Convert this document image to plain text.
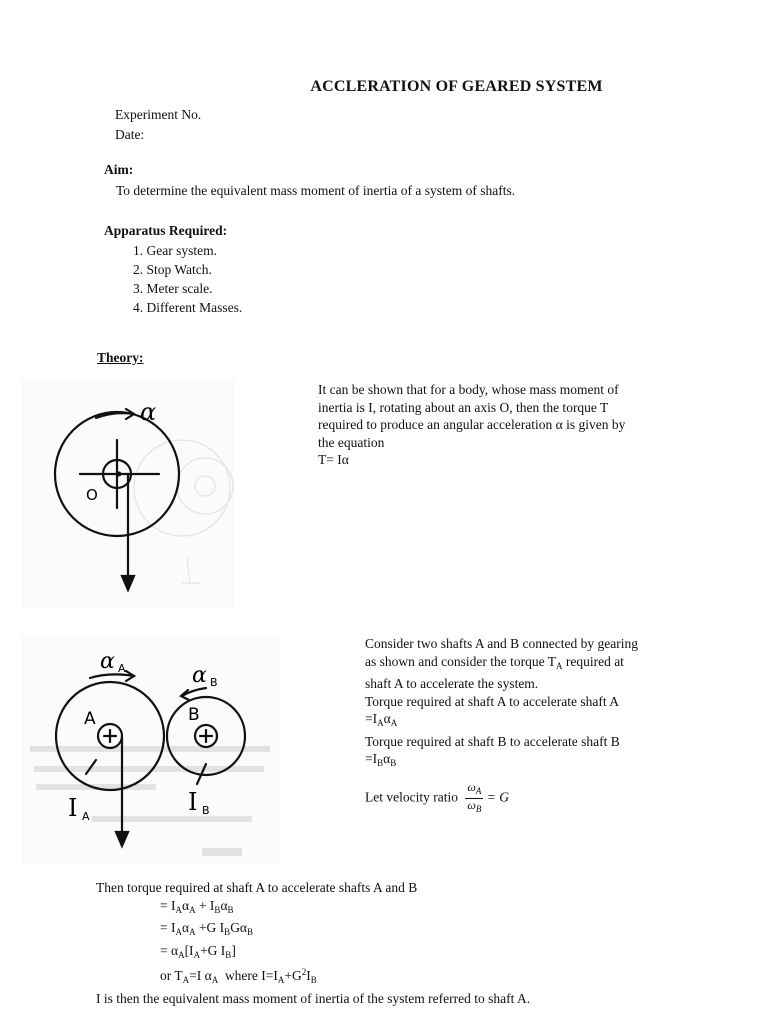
ACCLERATION OF GEARED SYSTEM
Experiment No.
Date:
Aim:
To determine the equivalent mass moment of inertia of a system of shafts.
Apparatus Required:
1. Gear system.
2. Stop Watch.
3. Meter scale.
4. Different Masses.
Theory:
α
O
It can be shown that for a body, whose mass moment of
inertia is I, rotating about an axis O, then the torque T
required to produce an angular acceleration α is given by
the equation
T= Iα
α A	α B
A	B
I A
I B
Consider two shafts A and B connected by gearing
as shown and consider the torque $T_A$ required at
shaft A to accelerate the system.
Torque required at shaft A to accelerate shaft A
$=I_A\alpha_A$
Torque required at shaft B to accelerate shaft B
$=I_B\alpha_B$
Let velocity ratio $\frac{\omega_A}{\omega_B} = G$
Then torque required at shaft A to accelerate shafts A and B
= $I_A\alpha_A + I_B\alpha_B$
= $I_A\alpha_A +G$ $I_BG\alpha_B$
= $\alpha_A[I_A+G$ $I_B$]
or $T_A=I$ $\alpha_A$  where $I=I_A+G^2I_B$
I is then the equivalent mass moment of inertia of the system referred to shaft A.
